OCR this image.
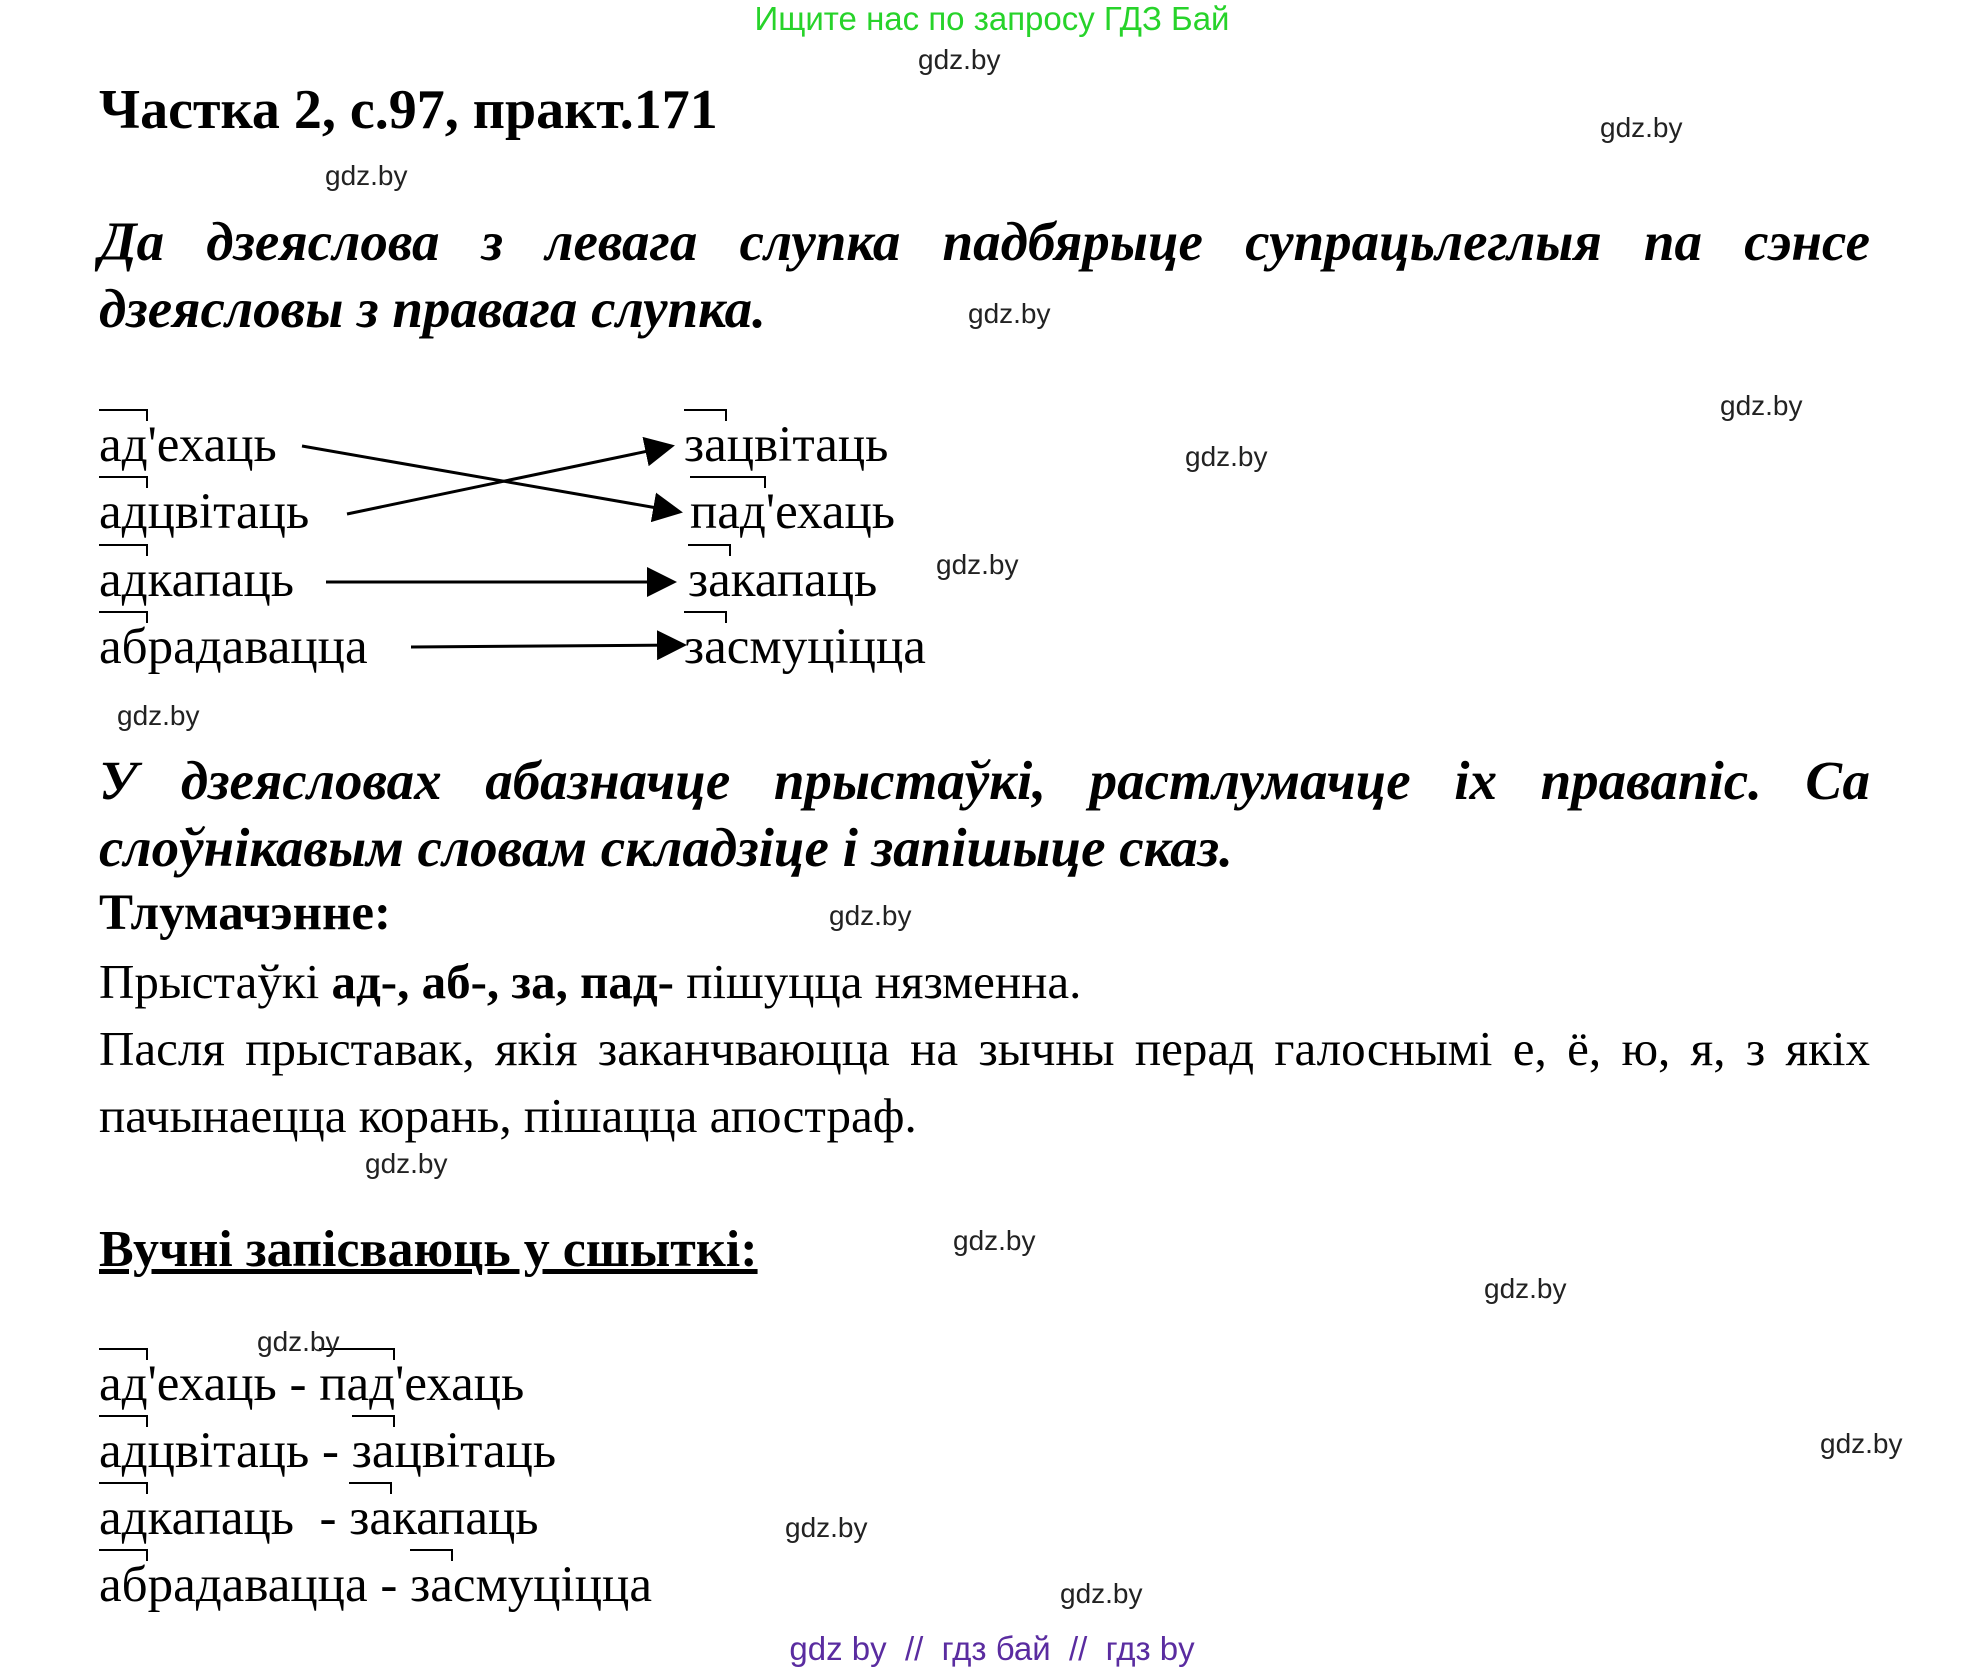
Ищите нас по запросу ГДЗ Бай
Частка 2, с.97, практ.171
Да дзеяслова з левага слупка падбярыце супрацьлеглыя па сэнсе дзеясловы з правага слупка.
ад'ехаць
адцвітаць
адкапаць
абрадавацца
зацвітаць
пад'ехаць
закапаць
засмуціцца
У дзеясловах абазначце прыстаўкі, растлумачце іх правапіс. Са слоўнікавым словам складзіце і запішыце сказ.
Тлумачэнне:
Прыстаўкі ад-, аб-, за, пад- пішуцца нязменна.
Пасля прыставак, якія заканчваюцца на зычны перад галоснымі е, ё, ю, я, з якіх пачынаецца корань, пішацца апостраф.
Вучні запісваюць у сшыткі:
ад'ехаць - пад'ехаць
адцвітаць - зацвітаць
адкапаць  - закапаць
абрадавацца - засмуціцца
gdz.by
gdz.by
gdz.by
gdz.by
gdz.by
gdz.by
gdz.by
gdz.by
gdz.by
gdz.by
gdz.by
gdz.by
gdz.by
gdz.by
gdz.by
gdz.by
gdz by  //  гдз бай  //  гдз by
